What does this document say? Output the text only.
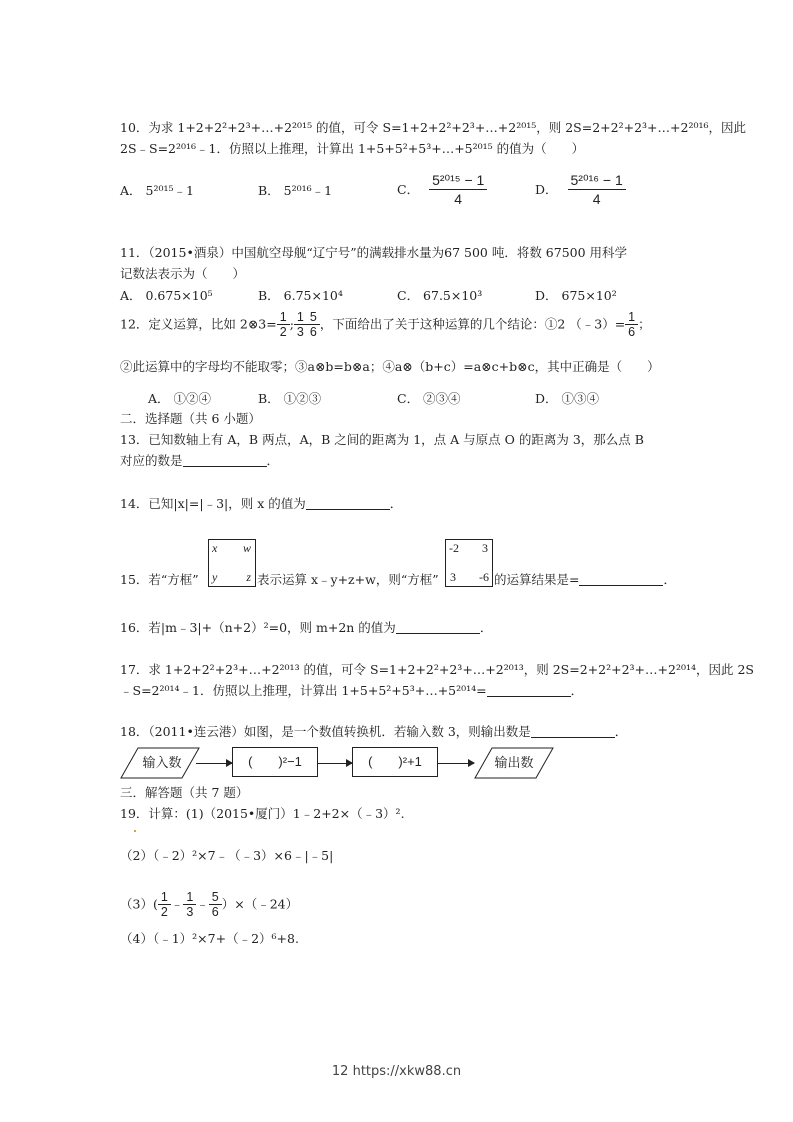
10．为求 1+2+2²+2³+…+2²⁰¹⁵ 的值，可令 S=1+2+2²+2³+…+2²⁰¹⁵，则 2S=2+2²+2³+…+2²⁰¹⁶，因此
2S﹣S=2²⁰¹⁶﹣1．仿照以上推理，计算出 1+5+5²+5³+…+5²⁰¹⁵ 的值为（　　）
A． 5²⁰¹⁵﹣1	B． 5²⁰¹⁶﹣1	C． $\frac{\text{5²⁰¹⁵ − 1}}{4}$	D． $\frac{\text{5²⁰¹⁶ − 1}}{4}$
11．（2015•酒泉）中国航空母舰“辽宁号”的满载排水量为67 500 吨．将数 67500 用科学
记数法表示为（　　）
A． 0.675×10⁵	B． 6.75×10⁴	C． 67.5×10³	D． 675×10²
12．定义运算，比如 2⊗3= $\frac{1}{2}$ ; $\frac{1}{3} \frac{5}{6}$ ，下面给出了关于这种运算的几个结论：①2 （﹣3）= $\frac{1}{6}$ ；
②此运算中的字母均不能取零；③a⊗b=b⊗a；④a⊗（b+c）=a⊗c+b⊗c，其中正确是（　　）
A． ①②④	B． ①②③	C． ②③④	D． ①③④
二．选择题（共 6 小题）
13．已知数轴上有 A，B 两点，A，B 之间的距离为 1，点 A 与原点 O 的距离为 3，那么点 B
对应的数是	．
14．已知|x|=|﹣3|，则 x 的值为	．
15．若“方框”
x w
y z 表示运算 x﹣y+z+w，则“方框”
-2 3
3 -6 的运算结果是=	．
16．若|m﹣3|+（n+2）²=0，则 m+2n 的值为	．
17．求 1+2+2²+2³+…+2²⁰¹³ 的值，可令 S=1+2+2²+2³+…+2²⁰¹³，则 2S=2+2²+2³+…+2²⁰¹⁴，因此 2S
﹣S=2²⁰¹⁴﹣1．仿照以上推理，计算出 1+5+5²+5³+…+5²⁰¹⁴=	．
18．（2011•连云港）如图，是一个数值转换机．若输入数 3，则输出数是	．
输入数	(　　)²−1	(　　)²+1	输出数
三．解答题（共 7 题）
19．计算：(1)（2015•厦门）1﹣2+2×（﹣3）².
（2）（﹣2）²×7﹣（﹣3）×6﹣|﹣5|
$(3)( \frac{1}{2}$ ﹣ $\frac{1}{3}$ ﹣ $\frac{5}{6}$ ）×（﹣24）
（4）（﹣1）²×7+（﹣2）⁶+8.
12 https://xkw88.cn
